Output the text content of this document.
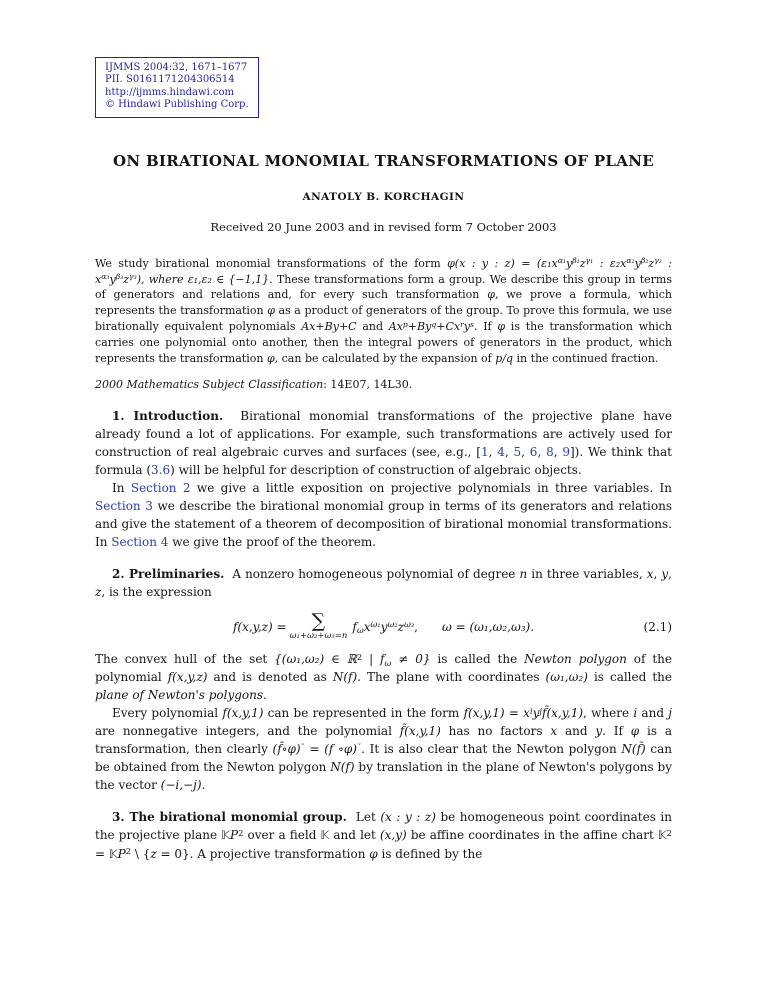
IJMMS 2004:32, 1671–1677
PII. S0161171204306514
http://ijmms.hindawi.com
© Hindawi Publishing Corp.
ON BIRATIONAL MONOMIAL TRANSFORMATIONS OF PLANE
ANATOLY B. KORCHAGIN
Received 20 June 2003 and in revised form 7 October 2003

We study birational monomial transformations of the form φ(x : y : $z) = (\varepsilon_1x^{\alpha_1}y^{\beta_1}z^{\gamma_1}$ : $\varepsilon_2x^{\alpha_2}y^{\beta_2}z^{\gamma_2}$ : $x^{\alpha_3}y^{\beta_3}z^{\gamma_3}$), where ε₁,ε₂ ∈ {−1,1}. These transformations form a group. We describe this group in terms of generators and relations and, for every such transformation φ, we prove a formula, which represents the transformation φ as a product of generators of the group. To prove this formula, we use birationally equivalent polynomials Ax+By+C and $Ax^p+By^q+Cx^ry^s$. If φ is the transformation which carries one polynomial onto another, then the integral powers of generators in the product, which represents the transformation φ, can be calculated by the expansion of p/q in the continued fraction.

2000 Mathematics Subject Classification: 14E07, 14L30.

1. Introduction.  Birational monomial transformations of the projective plane have already found a lot of applications. For example, such transformations are actively used for construction of real algebraic curves and surfaces (see, e.g., [1, 4, 5, 6, 8, 9]). We think that formula (3.6) will be helpful for description of construction of algebraic objects.

In Section 2 we give a little exposition on projective polynomials in three variables. In Section 3 we describe the birational monomial group in terms of its generators and relations and give the statement of a theorem of decomposition of birational monomial transformations. In Section 4 we give the proof of the theorem.

2. Preliminaries.  A nonzero homogeneous polynomial of degree n in three variables, x, y, z, is the expression

f(x,y,z) = ∑
ω₁+ω₂+ω₃=n
$f\omega x^{\omega_1}y^{\omega_2}z^{\omega_3}$, ω = (ω₁,ω₂,ω₃).	(2.1)

The convex hull of the set {(ω₁,ω₂) ∈ ℝ$^2$ | fω ≠ 0} is called the Newton polygon of the polynomial f(x,y,z) and is denoted as N(f). The plane with coordinates (ω₁,ω₂) is called the plane of Newton's polygons.

Every polynomial f(x,y,1) can be represented in the form $f(x,y,1) = x^iy^jf̃(x,y,1)$, where i and j are nonnegative integers, and the polynomial f̃(x,y,1) has no factors x and y. If φ is a transformation, then clearly (f̃∘φ)˜ = (f ∘φ)˜. It is also clear that the Newton polygon N(f̃) can be obtained from the Newton polygon N(f) by translation in the plane of Newton's polygons by the vector (−i,−j).

3. The birational monomial group.  Let (x : y : z) be homogeneous point coordinates in the projective plane 𝕂P$^2$ over a field 𝕂 and let (x,y) be affine coordinates in the affine chart 𝕂$^2$ = 𝕂P$^2$ \ {z = 0}. A projective transformation φ is defined by the
